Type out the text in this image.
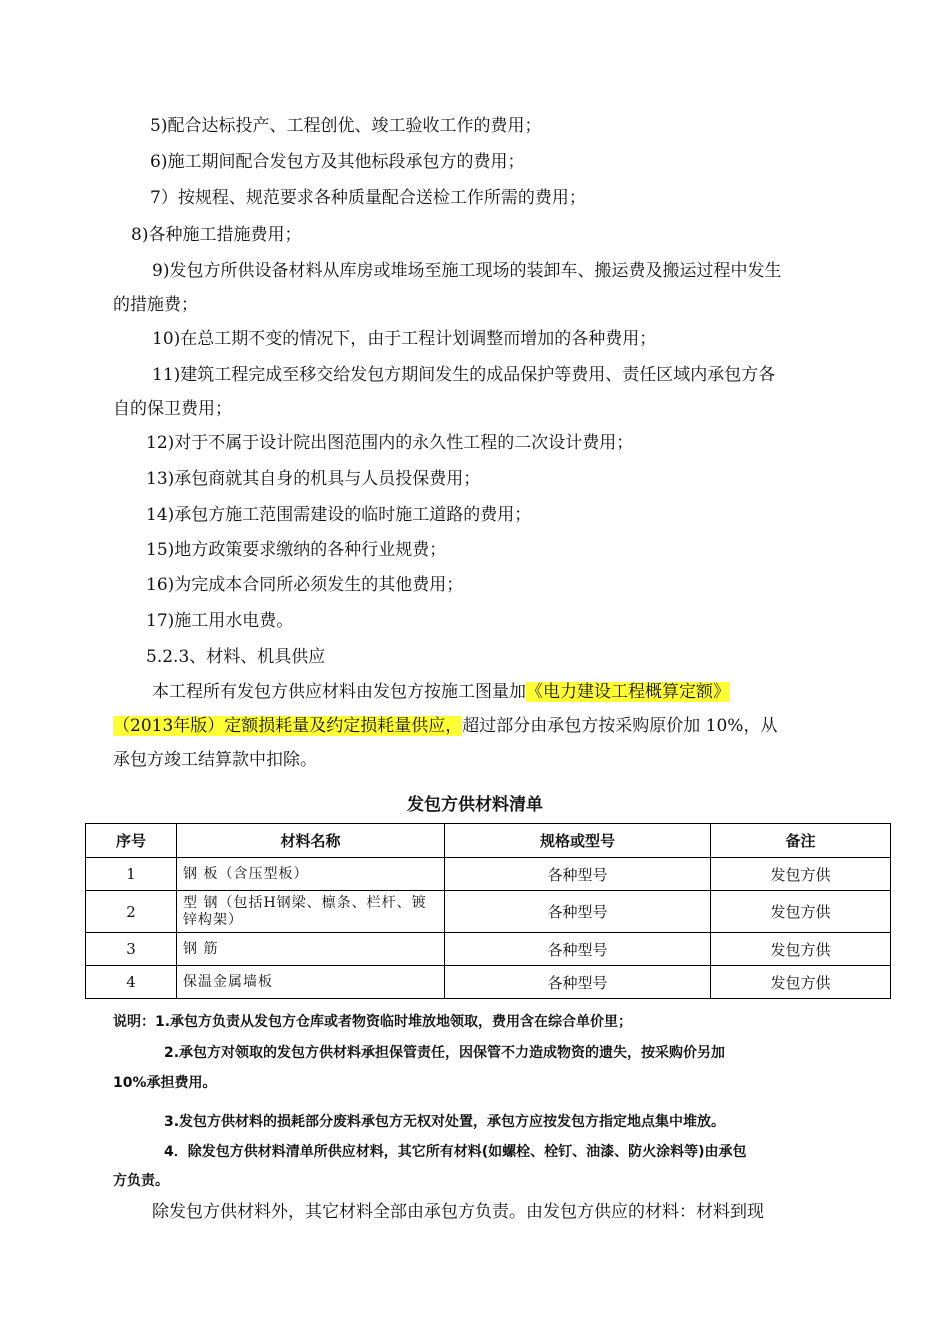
5)配合达标投产、工程创优、竣工验收工作的费用；
6)施工期间配合发包方及其他标段承包方的费用；
7）按规程、规范要求各种质量配合送检工作所需的费用；
8)各种施工措施费用；
9)发包方所供设备材料从库房或堆场至施工现场的装卸车、搬运费及搬运过程中发生
的措施费；
10)在总工期不变的情况下，由于工程计划调整而增加的各种费用；
11)建筑工程完成至移交给发包方期间发生的成品保护等费用、责任区域内承包方各
自的保卫费用；
12)对于不属于设计院出图范围内的永久性工程的二次设计费用；
13)承包商就其自身的机具与人员投保费用；
14)承包方施工范围需建设的临时施工道路的费用；
15)地方政策要求缴纳的各种行业规费；
16)为完成本合同所必须发生的其他费用；
17)施工用水电费。
5.2.3、材料、机具供应
本工程所有发包方供应材料由发包方按施工图量加《电力建设工程概算定额》
（2013年版）定额损耗量及约定损耗量供应，超过部分由承包方按采购原价加 10%，从
承包方竣工结算款中扣除。
发包方供材料清单
序号	材料名称	规格或型号	备注
1	钢 板（含压型板）	各种型号	发包方供
2	型 钢（包括H钢梁、檩条、栏杆、镀锌构架）	各种型号	发包方供
3	钢 筋	各种型号	发包方供
4	保温金属墙板	各种型号	发包方供
说明：1.承包方负责从发包方仓库或者物资临时堆放地领取，费用含在综合单价里；
2.承包方对领取的发包方供材料承担保管责任，因保管不力造成物资的遗失，按采购价另加
10%承担费用。
3.发包方供材料的损耗部分废料承包方无权对处置，承包方应按发包方指定地点集中堆放。
4．除发包方供材料清单所供应材料，其它所有材料(如螺栓、栓钉、油漆、防火涂料等)由承包
方负责。
除发包方供材料外，其它材料全部由承包方负责。由发包方供应的材料：材料到现
